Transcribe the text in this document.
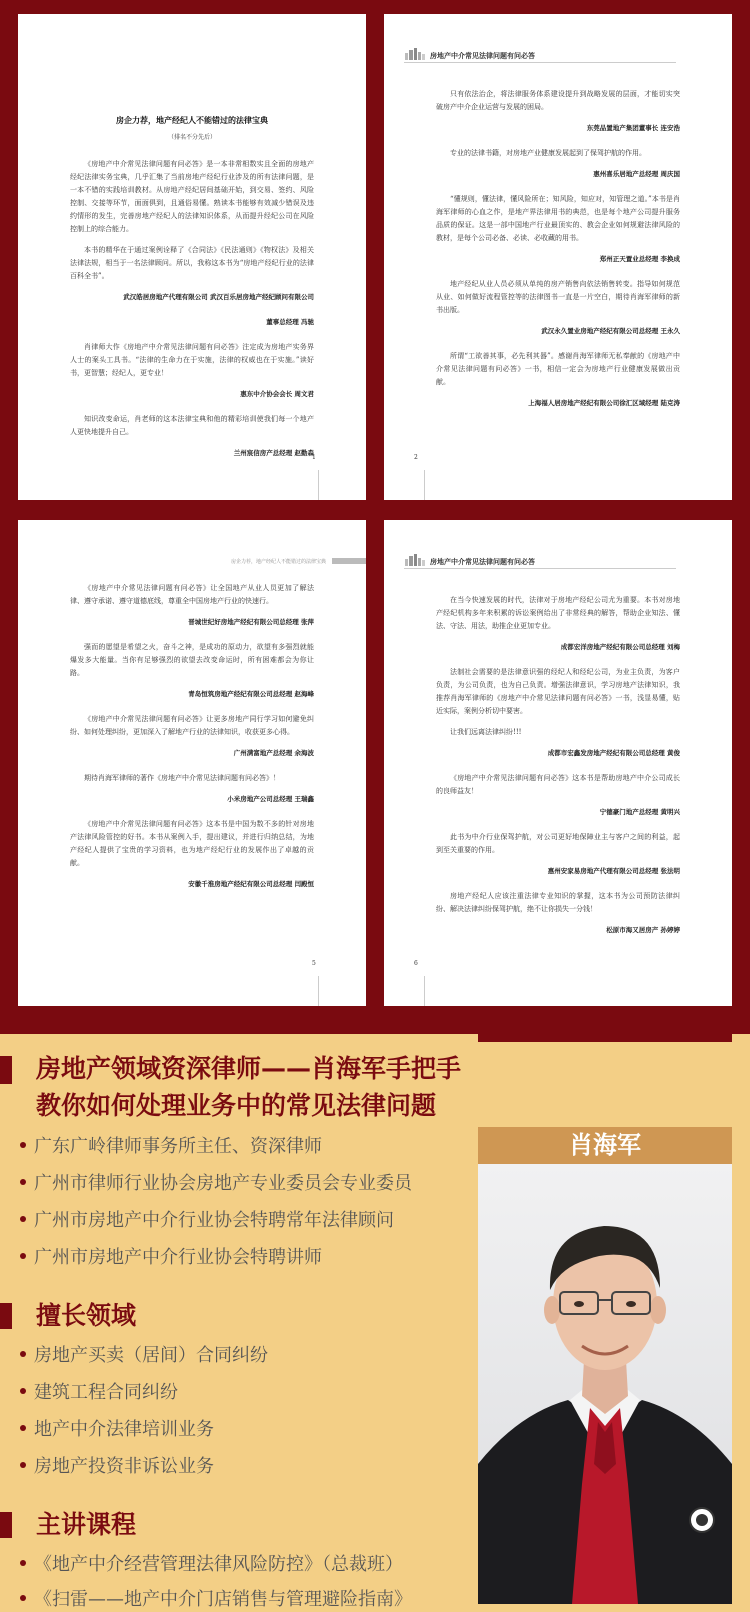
房企力荐，地产经纪人不能错过的法律宝典
（排名不分先后）
《房地产中介常见法律问题有问必答》是一本非常相数实且全面的房地产经纪法律实务宝典，几乎汇集了当前房地产经纪行业涉及的所有法律问题，是一本不错的实践培训教材。从房地产经纪居间基础开始，到交易、签约、风险控制、交接等环节，面面俱到，且通俗易懂。熟读本书能够有效减少错误及违约情形的发生，完善房地产经纪人的法律知识体系，从而提升经纪公司在风险控制上的综合能力。
本书的精华在于通过案例诠释了《合同法》《民法通则》《物权法》及相关法律法规，相当于一名法律顾问。所以，我称这本书为“房地产经纪行业的法律百科全书”。
武汉皓居房地产代理有限公司 武汉百乐居房地产经纪顾问有限公司
董事总经理 冯驰
肖律师大作《房地产中介常见法律问题有问必答》注定成为房地产实务界人士的案头工具书。“法律的生命力在于实施，法律的权威也在于实施。”读好书，更智慧；经纪人，更专业！
惠东中介协会会长 周文君
知识改变命运，肖老师的这本法律宝典和他的精彩培训使我们每一个地产人更快地提升自己。
兰州宸信房产总经理 赵勤森
1
房地产中介常见法律问题有问必答
只有依法治企，将法律服务体系建设提升到战略发展的层面，才能切实突破房产中介企业运营与发展的困局。
东莞品置地产集团董事长 连安浩
专业的法律书籍，对房地产业健康发展起到了保驾护航的作用。
惠州喜乐居地产总经理 周庆国
“懂规则，懂法律，懂风险所在；知风险，知应对，知管理之道。”本书是肖海军律师的心血之作，是地产界法律用书的典范，也是每个地产公司提升服务品质的保证。这是一部中国地产行业最顶实的、教会企业如何规避法律风险的教材，是每个公司必备、必读、必收藏的用书。
郑州正天置业总经理 李换成
地产经纪从业人员必须从单纯的房产销售向依法销售转变。指导如何规范从业、如何做好流程管控等的法律图书一直是一片空白，期待肖海军律师的新书出版。
武汉永久置业房地产经纪有限公司总经理 王永久
所谓“工欲善其事，必先利其器”。感谢肖海军律师无私奉献的《房地产中介常见法律问题有问必答》一书，相信一定会为房地产行业健康发展做出贡献。
上海福人居房地产经纪有限公司徐汇区域经理 陆克涛
2
房企力荐，地产经纪人不能错过的法律宝典
《房地产中介常见法律问题有问必答》让全国地产从业人员更加了解法律、遵守承诺、遵守道德底线，尊重全中国房地产行业的快速行。
晋城世纪好房地产经纪有限公司总经理 张萍
强而的愿望是希望之火，奋斗之神，是成功的原动力，欲望有多强烈就能爆发多大能量。当你有足够强烈的欲望去改变命运时，所有困难都会为你让路。
青岛恒筑房地产经纪有限公司总经理 赵海峰
《房地产中介常见法律问题有问必答》让更多房地产同行学习如何避免纠纷、如何处理纠纷，更加深入了解地产行业的法律知识，收获更多心得。
广州满富地产总经理 余海波
期待肖海军律师的著作《房地产中介常见法律问题有问必答》！
小米房地产公司总经理 王瑞鑫
《房地产中介常见法律问题有问必答》这本书是中国为数不多的针对房地产法律风险管控的好书。本书从案例入手，提出建议，并进行归纳总结，为地产经纪人提供了宝贵的学习资料，也为地产经纪行业的发展作出了卓越的贡献。
安徽千淮房地产经纪有限公司总经理 闫殿恒
5
房地产中介常见法律问题有问必答
在当今快速发展的时代，法律对于房地产经纪公司尤为重要。本书对房地产经纪机构多年来积累的诉讼案例给出了非常经典的解答，帮助企业知法、懂法、守法、用法，助推企业更加专业。
成都宏洋房地产经纪有限公司总经理 刘梅
法制社会需要的是法律意识强的经纪人和经纪公司，为业主负责，为客户负责，为公司负责，也为自己负责。增强法律意识，学习房地产法律知识，我推荐肖海军律师的《房地产中介常见法律问题有问必答》一书，浅显易懂，贴近实际，案例分析切中要害。
让我们远离法律纠纷!!!
成都市宏鑫发房地产经纪有限公司总经理 黄俊
《房地产中介常见法律问题有问必答》这本书是帮助房地产中介公司成长的良师益友！
宁德豪门地产总经理 黄明兴
此书为中介行业保驾护航，对公司更好地保障业主与客户之间的利益，起到至关重要的作用。
惠州安家易房地产代理有限公司总经理 张法明
房地产经纪人应该注重法律专业知识的掌握，这本书为公司预防法律纠纷、解决法律纠纷保驾护航，绝不让你损失一分钱！
松原市海又居房产 孙婷婷
6
房地产领域资深律师——肖海军手把手
教你如何处理业务中的常见法律问题
广东广岭律师事务所主任、资深律师
广州市律师行业协会房地产专业委员会专业委员
广州市房地产中介行业协会特聘常年法律顾问
广州市房地产中介行业协会特聘讲师
擅长领域
房地产买卖（居间）合同纠纷
建筑工程合同纠纷
地产中介法律培训业务
房地产投资非诉讼业务
主讲课程
《地产中介经营管理法律风险防控》（总裁班）
《扫雷——地产中介门店销售与管理避险指南》
肖海军
